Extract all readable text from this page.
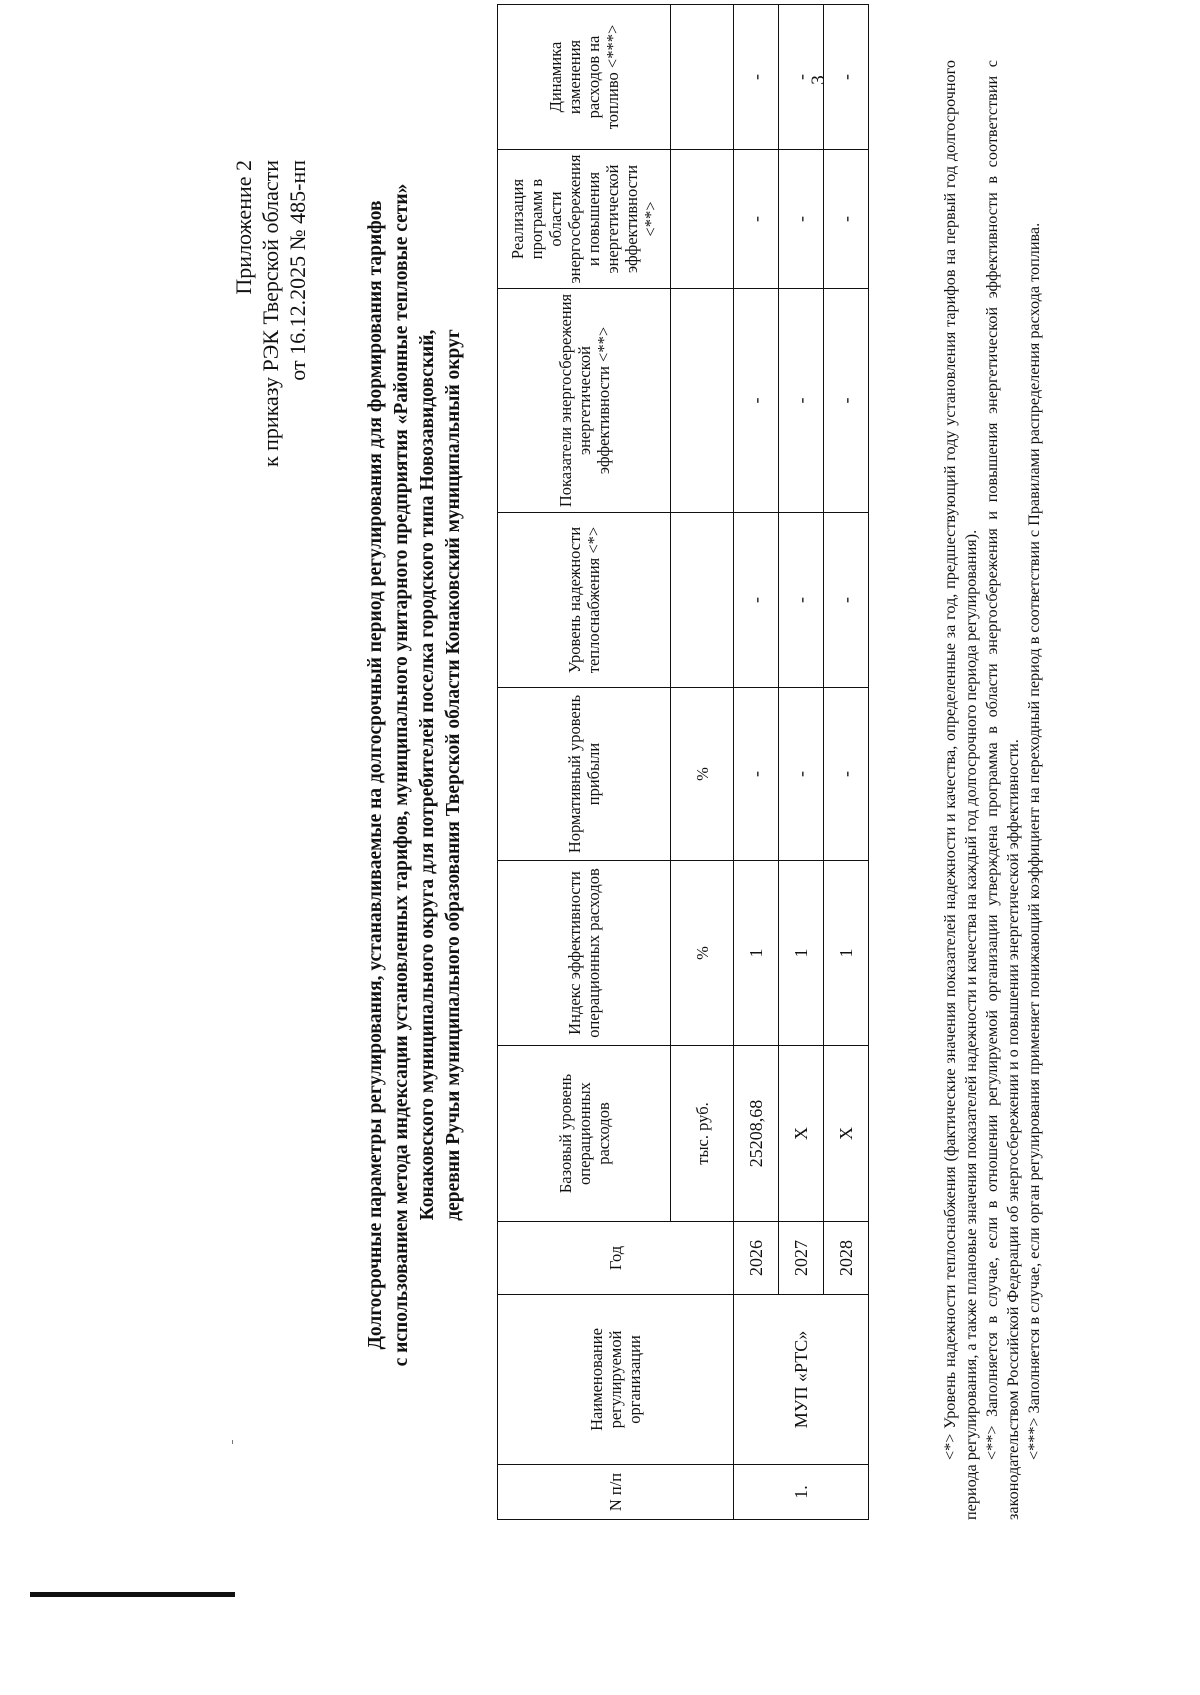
3
Приложение 2 к приказу РЭК Тверской области от 16.12.2025 № 485-нп	Долгосрочные параметры регулирования, устанавливаемые на долгосрочный период регулирования для формирования тарифов с использованием метода индексации установленных тарифов, муниципального унитарного предприятия «Районные тепловые сети» Конаковского муниципального округа для потребителей поселка городского типа Новозавидовский, деревни Ручьи муниципального образования Тверской области Конаковский муниципальный округ
N п/п	Наименование регулируемой организации	Год	Базовый уровень операционных расходов	Индекс эффективности операционных расходов	Нормативный уровень прибыли	Уровень надежности теплоснабжения <*>	Показатели энергосбережения энергетической эффективности <**>	Реализация программ в области энергосбережения и повышения энергетической эффективности <**>	Динамика изменения расходов на топливо <***>
			тыс. руб.	%	%				
1.	МУП «РТС»	2026	25208,68	1	-	-	-	-	-
		2027	X	1	-	-	-	-	-
		2028	X	1	-	-	-	-	-	<*> Уровень надежности теплоснабжения (фактические значения показателей надежности и качества, определенные за год, предшествующий году установления тарифов на первый год долгосрочного периода регулирования, а также плановые значения показателей надежности и качества на каждый год долгосрочного периода регулирования). <**> Заполняется в случае, если в отношении регулируемой организации утверждена программа в области энергосбережения и повышения энергетической эффективности в соответствии с законодательством Российской Федерации об энергосбережении и о повышении энергетической эффективности. <***> Заполняется в случае, если орган регулирования применяет понижающий коэффициент на переходный период в соответствии с Правилами распределения расхода топлива.
